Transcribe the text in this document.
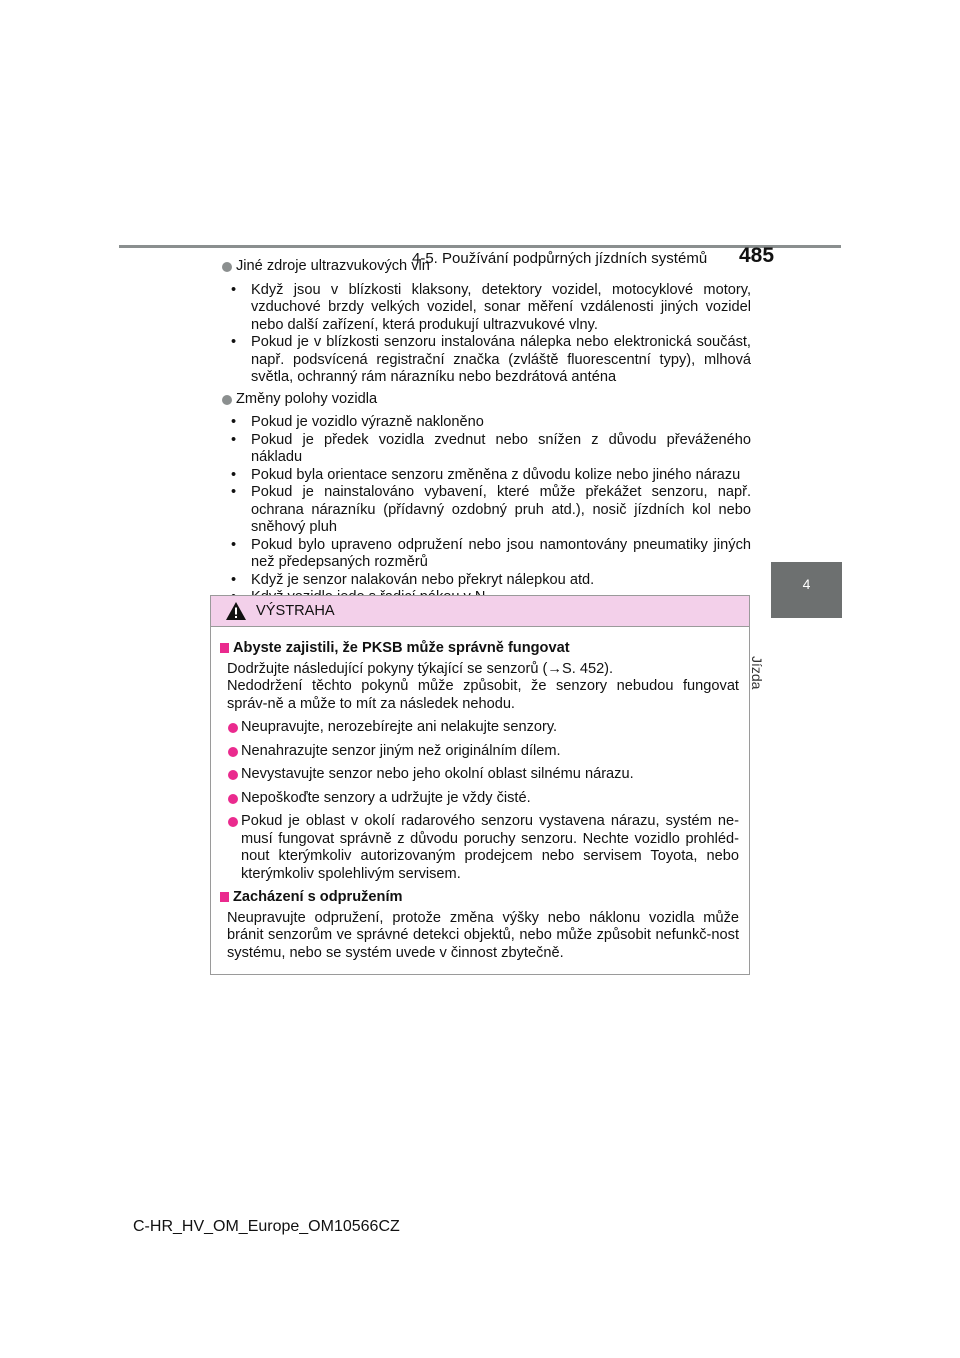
4-5. Používání podpůrných jízdních systémů 485
4
Jízda
Jiné zdroje ultrazvukových vln
• Když jsou v blízkosti klaksony, detektory vozidel, motocyklové motory, vzduchové brzdy velkých vozidel, sonar měření vzdálenosti jiných vozidel nebo další zařízení, která produkují ultrazvukové vlny.
• Pokud je v blízkosti senzoru instalována nálepka nebo elektronická součást, např. podsvícená registrační značka (zvláště fluorescentní typy), mlhová světla, ochranný rám nárazníku nebo bezdrátová anténa
Změny polohy vozidla
• Pokud je vozidlo výrazně nakloněno
• Pokud je předek vozidla zvednut nebo snížen z důvodu převáženého nákladu
• Pokud byla orientace senzoru změněna z důvodu kolize nebo jiného nárazu
• Pokud je nainstalováno vybavení, které může překážet senzoru, např. ochrana nárazníku (přídavný ozdobný pruh atd.), nosič jízdních kol nebo sněhový pluh
• Pokud bylo upraveno odpružení nebo jsou namontovány pneumatiky jiných než předepsaných rozměrů
• Když je senzor nalakován nebo překryt nálepkou atd.
VÝSTRAHA
Abyste zajistili, že PKSB může správně fungovat

Dodržujte následující pokyny týkající se senzorů (→S. 452).

Nedodržení těchto pokynů může způsobit, že senzory nebudou fungovat správ-ně a může to mít za následek nehodu.

Neupravujte, nerozebírejte ani nelakujte senzory.
Nenahrazujte senzor jiným než originálním dílem.
Nevystavujte senzor nebo jeho okolní oblast silnému nárazu.
Nepoškoďte senzory a udržujte je vždy čisté.
Pokud je oblast v okolí radarového senzoru vystavena nárazu, systém ne-musí fungovat správně z důvodu poruchy senzoru. Nechte vozidlo prohléd-nout kterýmkoliv autorizovaným prodejcem nebo servisem Toyota, nebo kterýmkoliv spolehlivým servisem.
Zacházení s odpružením

Neupravujte odpružení, protože změna výšky nebo náklonu vozidla může bránit senzorům ve správné detekci objektů, nebo může způsobit nefunkč-nost systému, nebo se systém uvede v činnost zbytečně.

C-HR_HV_OM_Europe_OM10566CZ
